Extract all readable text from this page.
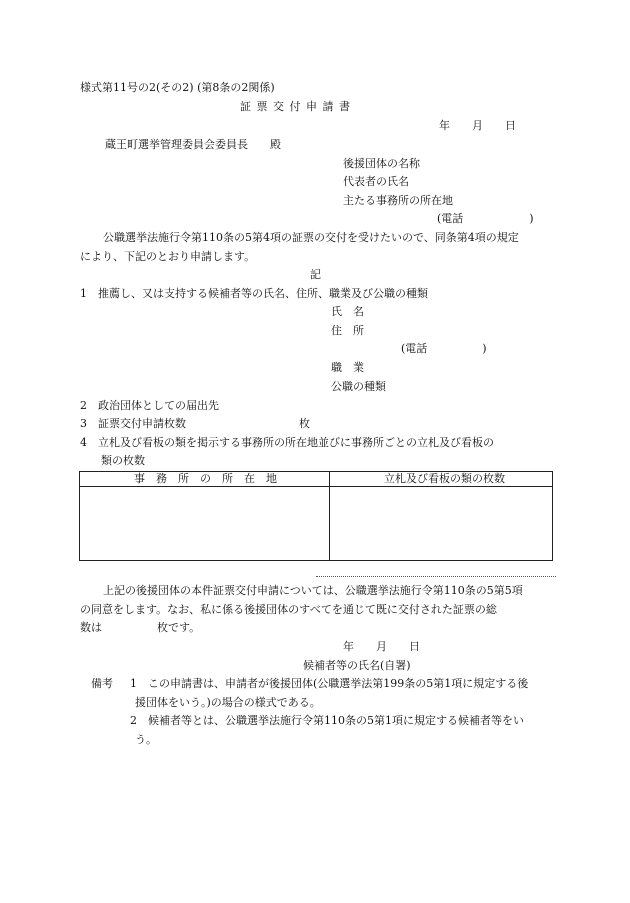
様式第11号の2(その2) (第8条の2関係)
証 票 交 付 申 請 書
年　　月　　日
蔵王町選挙管理委員会委員長　　殿
後援団体の名称
代表者の氏名
主たる事務所の所在地
(電話　　　　　　)
公職選挙法施行令第110条の5第4項の証票の交付を受けたいので、同条第4項の規定
により、下記のとおり申請します。
記
1　推薦し、又は支持する候補者等の氏名、住所、職業及び公職の種類
氏　名
住　所
(電話　　　　　)
職　業
公職の種類
2　政治団体としての届出先
3　証票交付申請枚数	枚
4　立札及び看板の類を掲示する事務所の所在地並びに事務所ごとの立札及び看板の
類の枚数
事　務　所　の　所　在　地	立札及び看板の類の枚数
上記の後援団体の本件証票交付申請については、公職選挙法施行令第110条の5第5項
の同意をします。なお、私に係る後援団体のすべてを通じて既に交付された証票の総
数は　　　　　枚です。
年　　月　　日
候補者等の氏名(自署)
備考 1 この申請書は、申請者が後援団体(公職選挙法第199条の5第1項に規定する後
援団体をいう。)の場合の様式である。
2 候補者等とは、公職選挙法施行令第110条の5第1項に規定する候補者等をい
う。
